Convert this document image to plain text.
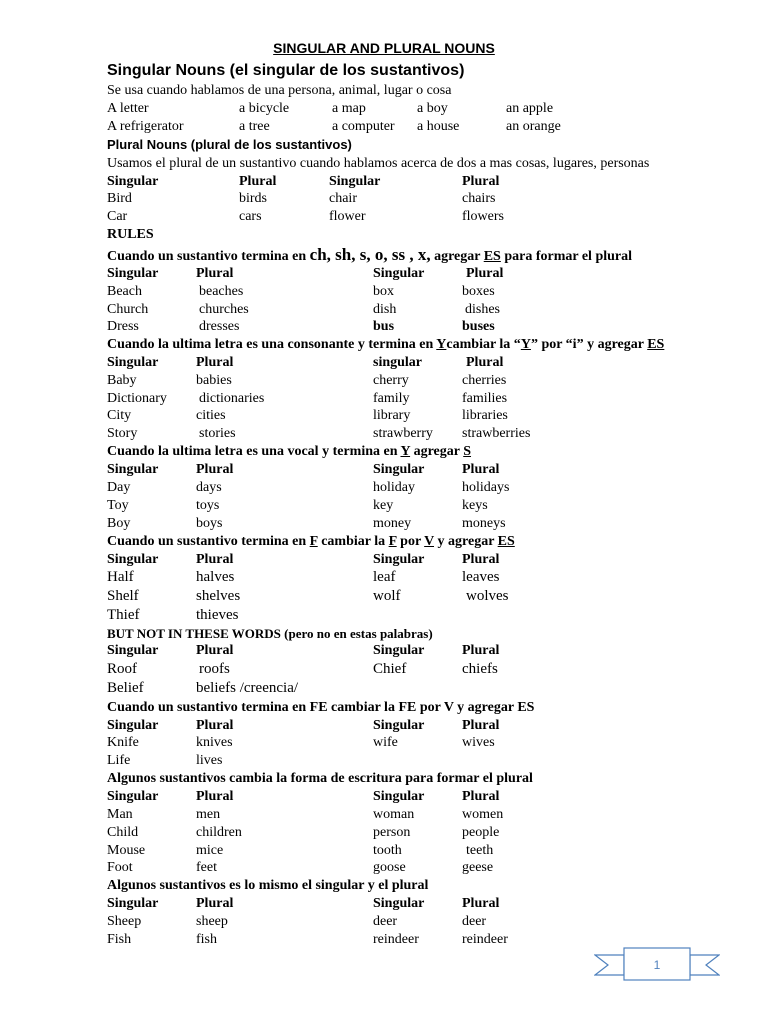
SINGULAR AND PLURAL NOUNS
Singular Nouns (el singular de los sustantivos)
Se usa cuando hablamos de una persona, animal, lugar o cosa
A letter	a bicycle	a map	a boy	an apple
A refrigerator	a tree	a computer a house	an orange
Plural Nouns (plural de los sustantivos)
Usamos el plural de un sustantivo cuando hablamos acerca de dos a mas cosas, lugares, personas
Singular	Plural	Singular	Plural
Bird	birds	chair	chairs
Car	cars	flower	flowers
RULES
Cuando un sustantivo termina en ch, sh, s, o, ss , x, agregar ES para formar el plural
Singular	Plural	Singular	Plural
Beach	beaches	box	boxes
Church	churches	dish	dishes
Dress	dresses	bus	buses
Cuando la ultima letra es una consonante y termina en Ycambiar la “Y” por “i” y agregar ES
Singular	Plural	singular	Plural
Baby	babies	cherry	cherries
Dictionary dictionaries	family	families
City	cities	library	libraries
Story	stories	strawberry strawberries
Cuando la ultima letra es una vocal y termina en Y agregar S
Singular	Plural	Singular	Plural
Day	days	holiday	holidays
Toy	toys	key	keys
Boy	boys	money	moneys
Cuando un sustantivo termina en F cambiar la F por V y agregar ES
Singular	Plural	Singular	Plural
Half	halves	leaf	leaves
Shelf	shelves	wolf	wolves
Thief	thieves
BUT NOT IN THESE WORDS (pero no en estas palabras)
Singular	Plural	Singular	Plural
Roof	roofs	Chief	chiefs
Belief	beliefs /creencia/
Cuando un sustantivo termina en FE cambiar la FE por V y agregar ES
Singular	Plural	Singular	Plural
Knife	knives	wife	wives
Life	lives
Algunos sustantivos cambia la forma de escritura para formar el plural
Singular	Plural	Singular	Plural
Man	men	woman	women
Child	children	person	people
Mouse	mice	tooth	teeth
Foot	feet	goose	geese
Algunos sustantivos es lo mismo el singular y el plural
Singular	Plural	Singular	Plural
Sheep	sheep	deer	deer
Fish	fish	reindeer	reindeer
1
